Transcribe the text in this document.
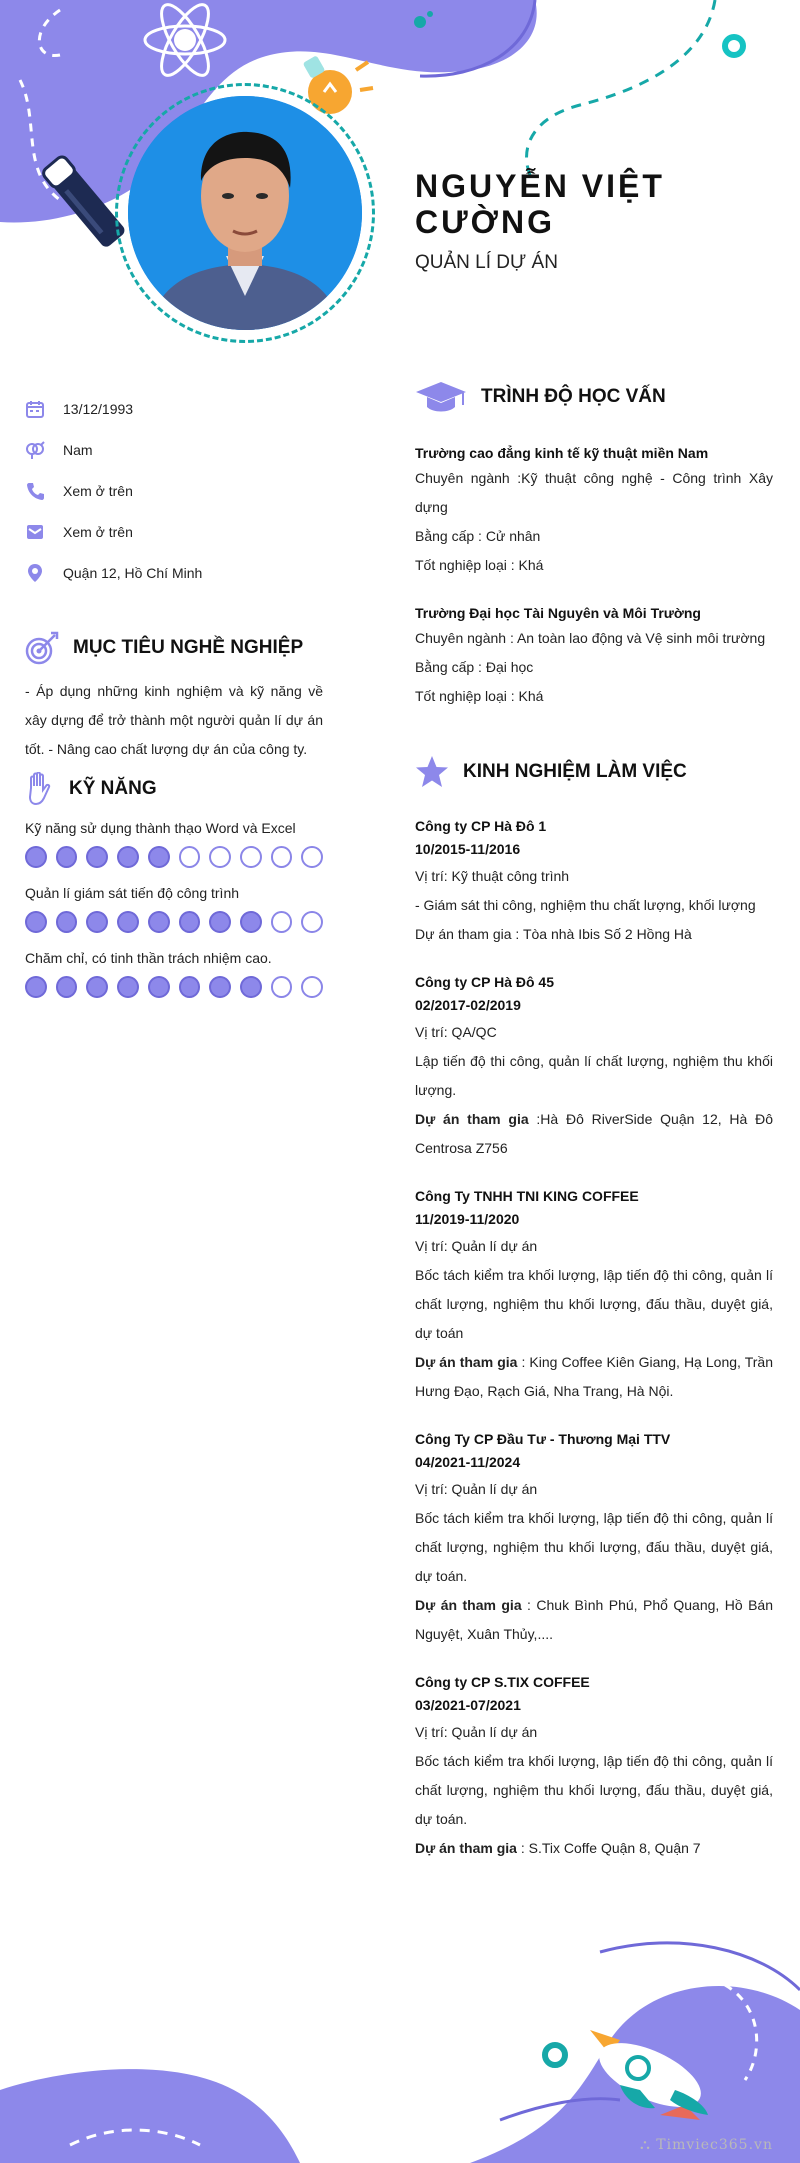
NGUYỄN VIỆT CƯỜNG
QUẢN LÍ DỰ ÁN
13/12/1993
Nam
Xem ở trên
Xem ở trên
Quận 12, Hồ Chí Minh
MỤC TIÊU NGHỀ NGHIỆP

- Áp dụng những kinh nghiệm và kỹ năng về xây dựng để trở thành một người quản lí dự án tốt. - Nâng cao chất lượng dự án của công ty.

KỸ NĂNG
Kỹ năng sử dụng thành thạo Word và Excel
Quản lí giám sát tiến độ công trình
Chăm chỉ, có tinh thần trách nhiệm cao.
TRÌNH ĐỘ HỌC VẤN
Trường cao đẳng kinh tế kỹ thuật miền Nam
Chuyên ngành :Kỹ thuật công nghệ - Công trình Xây dựng
Bằng cấp : Cử nhân
Tốt nghiệp loại : Khá
Trường Đại học Tài Nguyên và Môi Trường
Chuyên ngành : An toàn lao động và Vệ sinh môi trường
Bằng cấp : Đại học
Tốt nghiệp loại : Khá
KINH NGHIỆM LÀM VIỆC
Công ty CP Hà Đô 1
10/2015-11/2016
Vị trí: Kỹ thuật công trình
- Giám sát thi công, nghiệm thu chất lượng, khối lượng
Dự án tham gia : Tòa nhà Ibis Số 2 Hồng Hà
Công ty CP Hà Đô 45
02/2017-02/2019
Vị trí: QA/QC
Lập tiến độ thi công, quản lí chất lượng, nghiệm thu khối lượng.
Dự án tham gia :Hà Đô RiverSide Quận 12, Hà Đô Centrosa Z756
Công Ty TNHH TNI KING COFFEE
11/2019-11/2020
Vị trí: Quản lí dự án
Bốc tách kiểm tra khối lượng, lập tiến độ thi công, quản lí chất lượng, nghiệm thu khối lượng, đấu thầu, duyệt giá, dự toán
Dự án tham gia : King Coffee Kiên Giang, Hạ Long, Trần Hưng Đạo, Rạch Giá, Nha Trang, Hà Nội.
Công Ty CP Đầu Tư - Thương Mại TTV
04/2021-11/2024
Vị trí: Quản lí dự án
Bốc tách kiểm tra khối lượng, lập tiến độ thi công, quản lí chất lượng, nghiệm thu khối lượng, đấu thầu, duyệt giá, dự toán.
Dự án tham gia : Chuk Bình Phú, Phổ Quang, Hồ Bán Nguyệt, Xuân Thủy,....
Công ty CP S.TIX COFFEE
03/2021-07/2021
Vị trí: Quản lí dự án
Bốc tách kiểm tra khối lượng, lập tiến độ thi công, quản lí chất lượng, nghiệm thu khối lượng, đấu thầu, duyệt giá, dự toán.
Dự án tham gia : S.Tix Coffe Quận 8, Quận 7
⛬ Timviec365.vn
